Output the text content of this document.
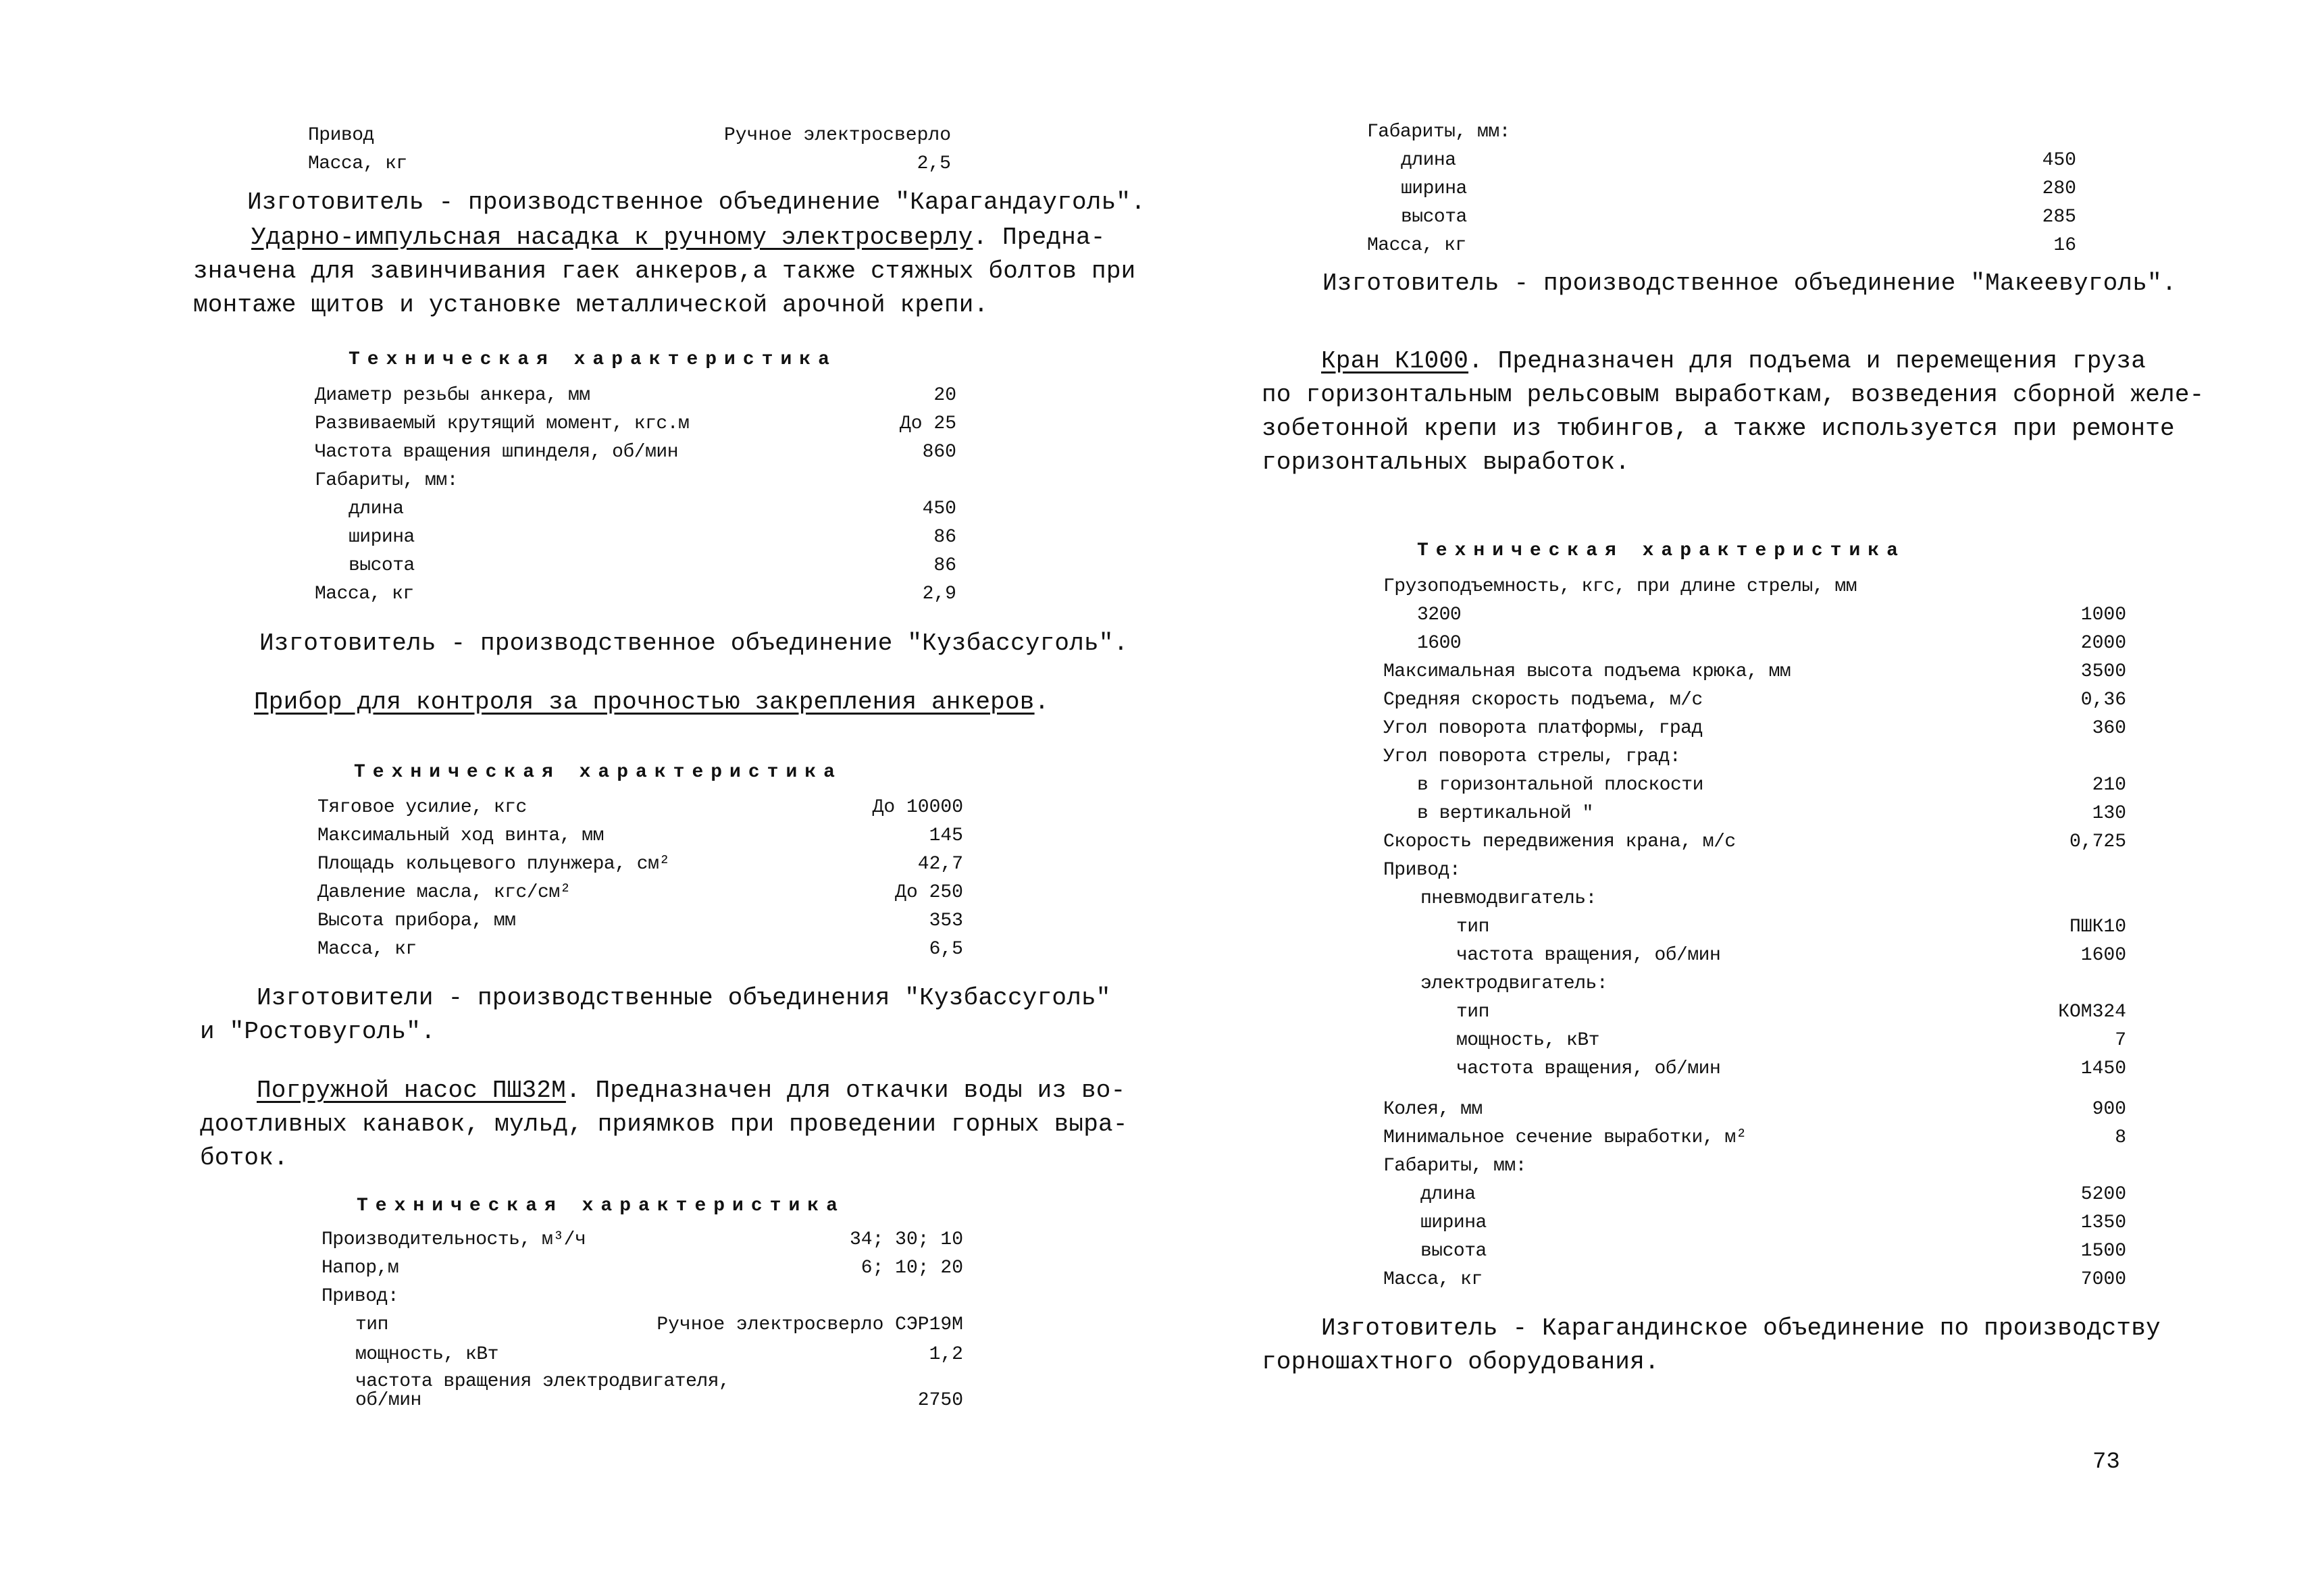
Привод	Ручное электросверло
Масса, кг	2,5

Изготовитель - производственное объединение "Карагандауголь".

Ударно-импульсная насадка к ручному электросверлу. Предна-

значена для завинчивания гаек анкеров,а также стяжных болтов при

монтаже щитов и установке металлической арочной крепи.

Техническая характеристика
Диаметр резьбы анкера, мм	20
Развиваемый крутящий момент, кгс.м	До 25
Частота вращения шпинделя, об/мин	860
Габариты, мм:
длина	450
ширина	86
высота	86
Масса, кг	2,9

Изготовитель - производственное объединение "Кузбассуголь".

Прибор для контроля за прочностью закрепления анкеров.

Техническая характеристика
Тяговое усилие, кгс	До 10000
Максимальный ход винта, мм	145
Площадь кольцевого плунжера, см²	42,7
Давление масла, кгс/см²	До 250
Высота прибора, мм	353
Масса, кг	6,5

Изготовители - производственные объединения "Кузбассуголь"

и "Ростовуголь".

Погружной насос ПШ32М. Предназначен для откачки воды из во-

доотливных канавок, мульд, приямков при проведении горных выра-

боток.

Техническая характеристика
Производительность, м³/ч	34; 30; 10
Напор,м	6; 10; 20
Привод:
тип	Ручное электросверло СЭР19М
мощность, кВт	1,2
частота вращения электродвигателя,
об/мин	2750
Габариты, мм:
длина	450
ширина	280
высота	285
Масса, кг	16

Изготовитель - производственное объединение "Макеевуголь".

Кран К1000. Предназначен для подъема и перемещения груза

по горизонтальным рельсовым выработкам, возведения сборной желе-

зобетонной крепи из тюбингов, а также используется при ремонте

горизонтальных выработок.

Техническая характеристика
Грузоподъемность, кгс, при длине стрелы, мм
3200	1000
1600	2000
Максимальная высота подъема крюка, мм	3500
Средняя скорость подъема, м/с	0,36
Угол поворота платформы, град	360
Угол поворота стрелы, град:
в горизонтальной плоскости	210
в вертикальной "	130
Скорость передвижения крана, м/с	0,725
Привод:
пневмодвигатель:
тип	ПШК10
частота вращения, об/мин	1600
электродвигатель:
тип	КОМ324
мощность, кВт	7
частота вращения, об/мин	1450
Колея, мм	900
Минимальное сечение выработки, м²	8
Габариты, мм:
длина	5200
ширина	1350
высота	1500
Масса, кг	7000

Изготовитель - Карагандинское объединение по производству

горношахтного оборудования.

73
